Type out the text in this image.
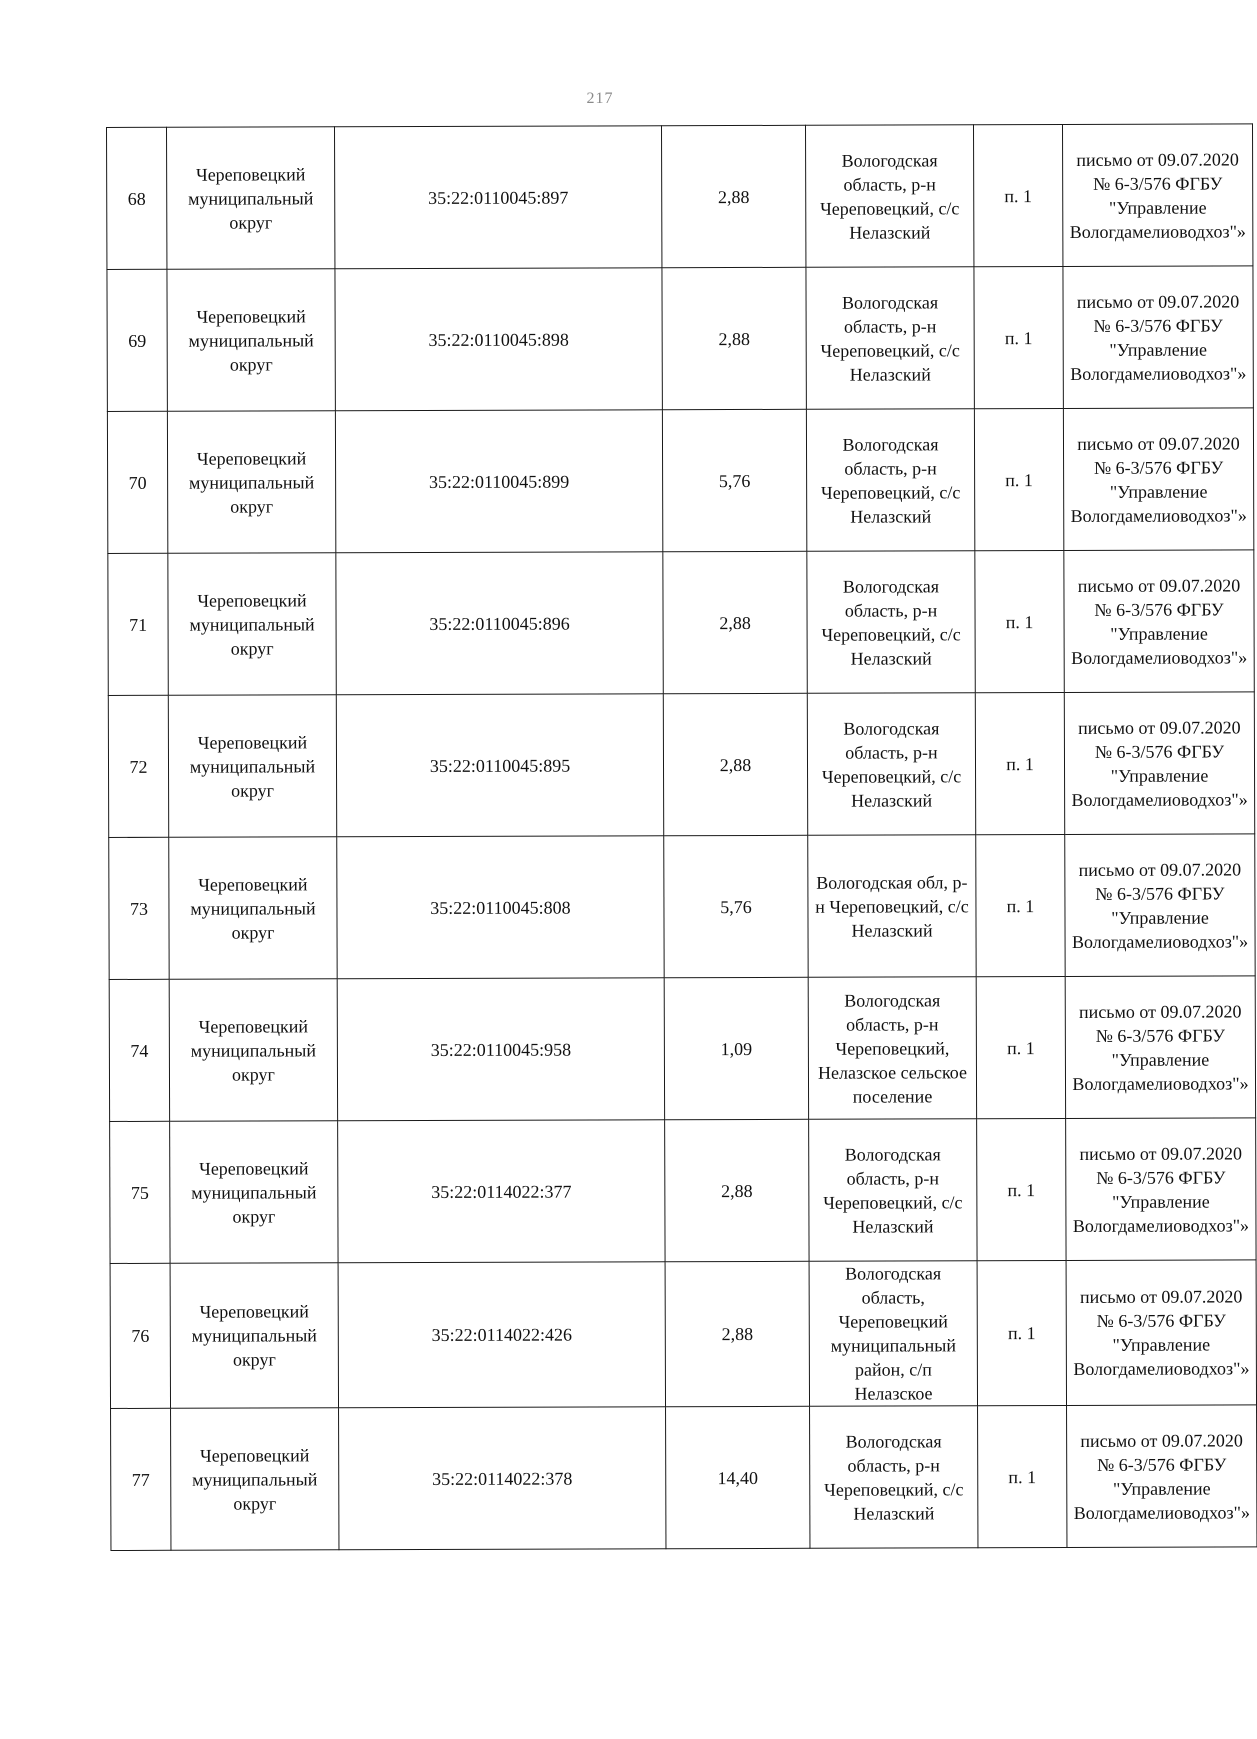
217
68	Череповецкий муниципальный округ	35:22:0110045:897	2,88	Вологодская область, р-н Череповецкий, с/с Нелазский	п. 1	письмо от 09.07.2020 № 6-3/576 ФГБУ "Управление Вологдамелиоводхоз"»
69	Череповецкий муниципальный округ	35:22:0110045:898	2,88	Вологодская область, р-н Череповецкий, с/с Нелазский	п. 1	письмо от 09.07.2020 № 6-3/576 ФГБУ "Управление Вологдамелиоводхоз"»
70	Череповецкий муниципальный округ	35:22:0110045:899	5,76	Вологодская область, р-н Череповецкий, с/с Нелазский	п. 1	письмо от 09.07.2020 № 6-3/576 ФГБУ "Управление Вологдамелиоводхоз"»
71	Череповецкий муниципальный округ	35:22:0110045:896	2,88	Вологодская область, р-н Череповецкий, с/с Нелазский	п. 1	письмо от 09.07.2020 № 6-3/576 ФГБУ "Управление Вологдамелиоводхоз"»
72	Череповецкий муниципальный округ	35:22:0110045:895	2,88	Вологодская область, р-н Череповецкий, с/с Нелазский	п. 1	письмо от 09.07.2020 № 6-3/576 ФГБУ "Управление Вологдамелиоводхоз"»
73	Череповецкий муниципальный округ	35:22:0110045:808	5,76	Вологодская обл, р-н Череповецкий, с/с Нелазский	п. 1	письмо от 09.07.2020 № 6-3/576 ФГБУ "Управление Вологдамелиоводхоз"»
74	Череповецкий муниципальный округ	35:22:0110045:958	1,09	Вологодская область, р-н Череповецкий, Нелазское сельское поселение	п. 1	письмо от 09.07.2020 № 6-3/576 ФГБУ "Управление Вологдамелиоводхоз"»
75	Череповецкий муниципальный округ	35:22:0114022:377	2,88	Вологодская область, р-н Череповецкий, с/с Нелазский	п. 1	письмо от 09.07.2020 № 6-3/576 ФГБУ "Управление Вологдамелиоводхоз"»
76	Череповецкий муниципальный округ	35:22:0114022:426	2,88	Вологодская область, Череповецкий муниципальный район, с/п Нелазское	п. 1	письмо от 09.07.2020 № 6-3/576 ФГБУ "Управление Вологдамелиоводхоз"»
77	Череповецкий муниципальный округ	35:22:0114022:378	14,40	Вологодская область, р-н Череповецкий, с/с Нелазский	п. 1	письмо от 09.07.2020 № 6-3/576 ФГБУ "Управление Вологдамелиоводхоз"»
